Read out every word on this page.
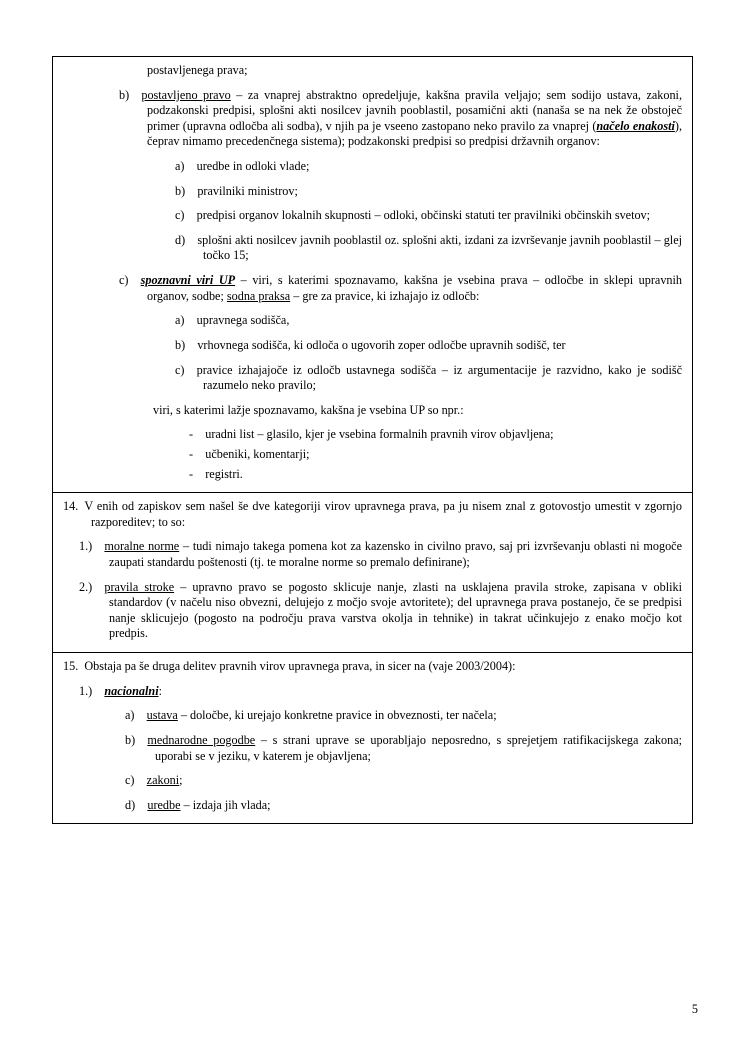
postavljenega prava;

b) postavljeno pravo – za vnaprej abstraktno opredeljuje, kakšna pravila veljajo; sem sodijo ustava, zakoni, podzakonski predpisi, splošni akti nosilcev javnih pooblastil, posamični akti (nanaša se na nek že obstoječ primer (upravna odločba ali sodba), v njih pa je vseeno zastopano neko pravilo za vnaprej (načelo enakosti), čeprav nimamo precedenčnega sistema); podzakonski predpisi so predpisi državnih organov:

a) uredbe in odloki vlade;

b) pravilniki ministrov;

c) predpisi organov lokalnih skupnosti – odloki, občinski statuti ter pravilniki občinskih svetov;

d) splošni akti nosilcev javnih pooblastil oz. splošni akti, izdani za izvrševanje javnih pooblastil – glej točko 15;

c) spoznavni viri UP – viri, s katerimi spoznavamo, kakšna je vsebina prava – odločbe in sklepi upravnih organov, sodbe; sodna praksa – gre za pravice, ki izhajajo iz odločb:

a) upravnega sodišča,

b) vrhovnega sodišča, ki odloča o ugovorih zoper odločbe upravnih sodišč, ter

c) pravice izhajajoče iz odločb ustavnega sodišča – iz argumentacije je razvidno, kako je sodišč razumelo neko pravilo;

viri, s katerimi lažje spoznavamo, kakšna je vsebina UP so npr.:

- uradni list – glasilo, kjer je vsebina formalnih pravnih virov objavljena;

- učbeniki, komentarji;

- registri.

14. V enih od zapiskov sem našel še dve kategoriji virov upravnega prava, pa ju nisem znal z gotovostjo umestit v zgornjo razporeditev; to so:

1.) moralne norme – tudi nimajo takega pomena kot za kazensko in civilno pravo, saj pri izvrševanju oblasti ni mogoče zaupati standardu poštenosti (tj. te moralne norme so premalo definirane);

2.) pravila stroke – upravno pravo se pogosto sklicuje nanje, zlasti na usklajena pravila stroke, zapisana v obliki standardov (v načelu niso obvezni, delujejo z močjo svoje avtoritete); del upravnega prava postanejo, če se predpisi nanje sklicujejo (pogosto na področju prava varstva okolja in tehnike) in takrat učinkujejo z enako močjo kot predpis.

15. Obstaja pa še druga delitev pravnih virov upravnega prava, in sicer na (vaje 2003/2004):

1.) nacionalni:

a) ustava – določbe, ki urejajo konkretne pravice in obveznosti, ter načela;

b) mednarodne pogodbe – s strani uprave se uporabljajo neposredno, s sprejetjem ratifikacijskega zakona; uporabi se v jeziku, v katerem je objavljena;

c) zakoni;

d) uredbe – izdaja jih vlada;

5
